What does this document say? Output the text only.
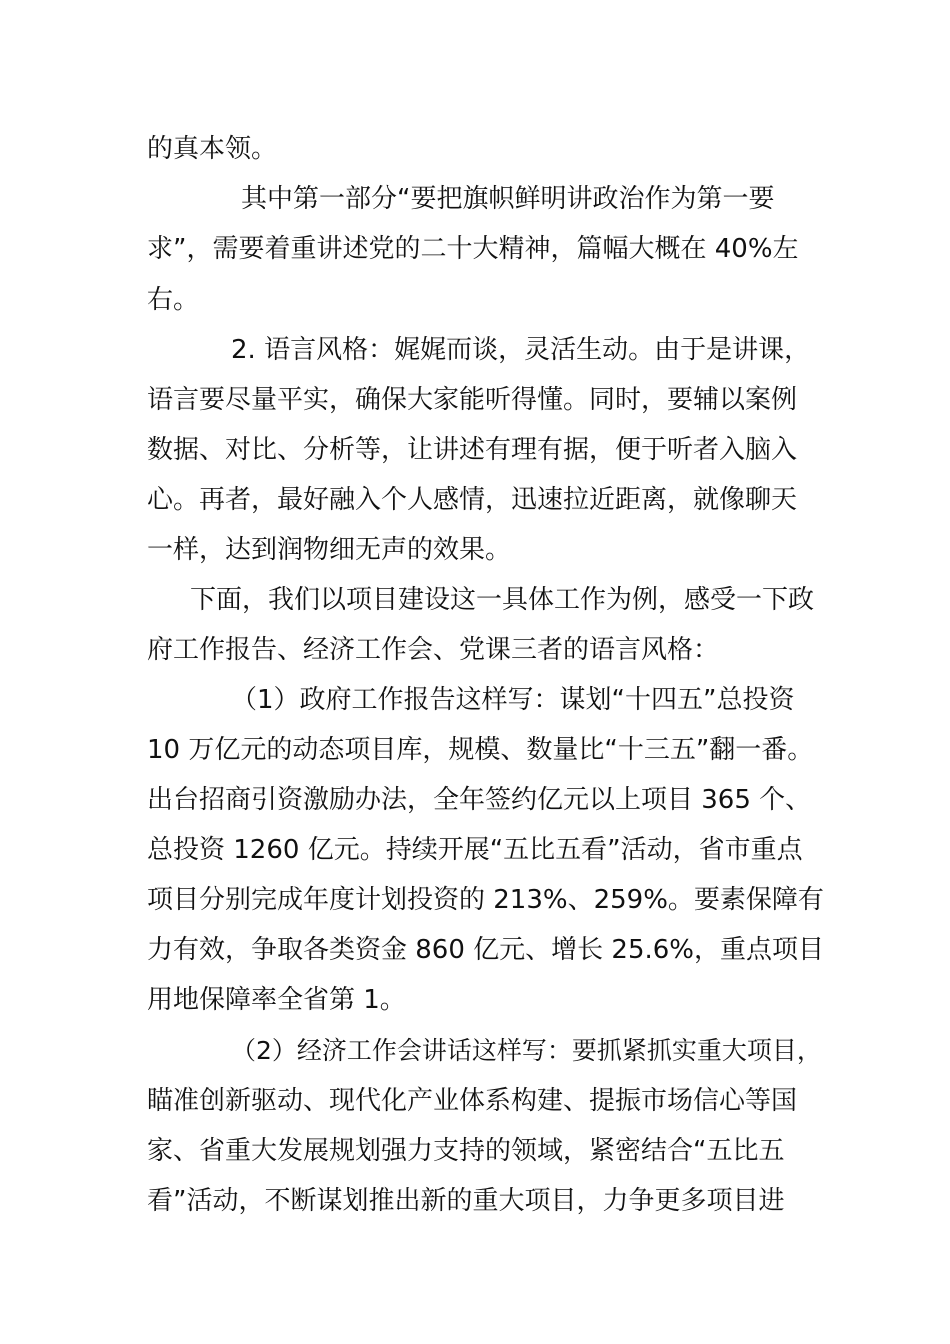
的真本领。
其中第一部分“要把旗帜鲜明讲政治作为第一要
求”，需要着重讲述党的二十大精神，篇幅大概在 40%左
右。
2. 语言风格：娓娓而谈，灵活生动。由于是讲课，
语言要尽量平实，确保大家能听得懂。同时，要辅以案例
数据、对比、分析等，让讲述有理有据，便于听者入脑入
心。再者，最好融入个人感情，迅速拉近距离，就像聊天
一样，达到润物细无声的效果。
下面，我们以项目建设这一具体工作为例，感受一下政
府工作报告、经济工作会、党课三者的语言风格：
（1）政府工作报告这样写：谋划“十四五”总投资
10 万亿元的动态项目库，规模、数量比“十三五”翻一番。
出台招商引资激励办法，全年签约亿元以上项目 365 个、
总投资 1260 亿元。持续开展“五比五看”活动，省市重点
项目分别完成年度计划投资的 213%、259%。要素保障有
力有效，争取各类资金 860 亿元、增长 25.6%，重点项目
用地保障率全省第 1。
（2）经济工作会讲话这样写：要抓紧抓实重大项目，
瞄准创新驱动、现代化产业体系构建、提振市场信心等国
家、省重大发展规划强力支持的领域，紧密结合“五比五
看”活动，不断谋划推出新的重大项目，力争更多项目进
